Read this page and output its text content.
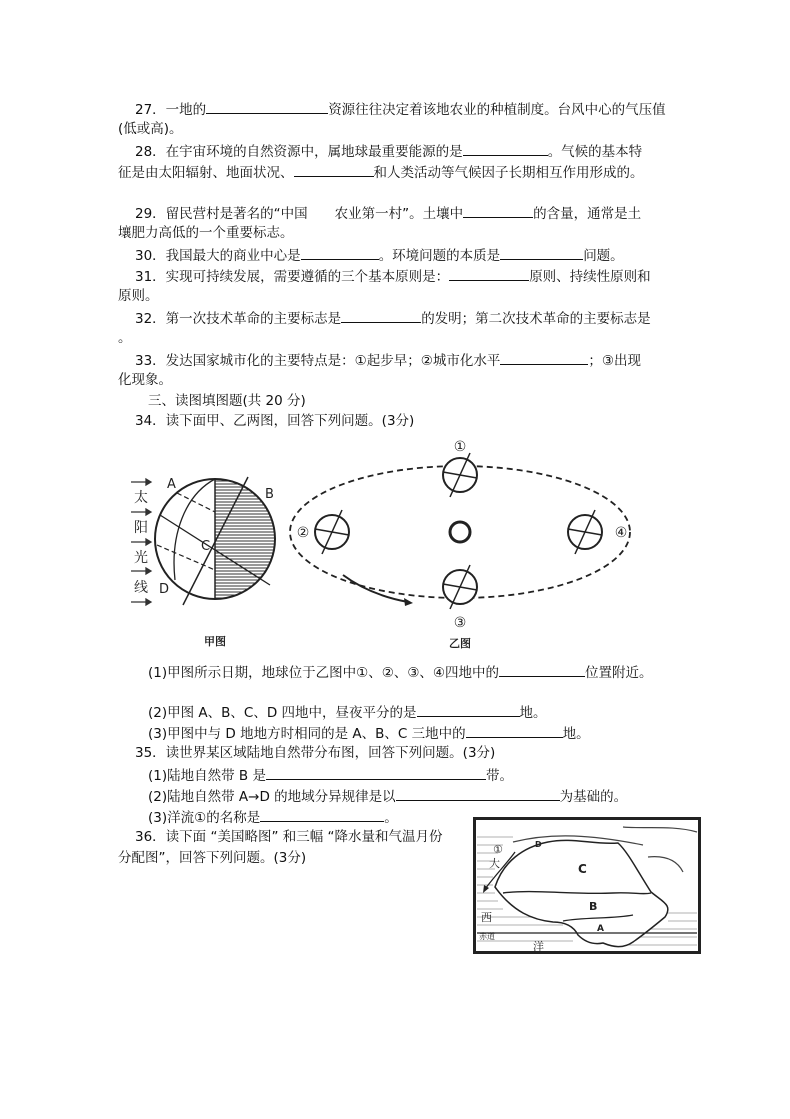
27．一地的	资源往往决定着该地农业的种植制度。台风中心的气压值
(低或高)。
28．在宇宙环境的自然资源中，属地球最重要能源的是	。气候的基本特
征是由太阳辐射、地面状况、	和人类活动等气候因子长期相互作用形成的。
29．留民营村是著名的“中国　　农业第一村”。土壤中	的含量，通常是土
壤肥力高低的一个重要标志。
30．我国最大的商业中心是	。环境问题的本质是	问题。
31．实现可持续发展，需要遵循的三个基本原则是：	原则、持续性原则和
原则。
32．第一次技术革命的主要标志是	的发明；第二次技术革命的主要标志是
。
33．发达国家城市化的主要特点是：①起步早；②城市化水平	；③出现
化现象。
三、读图填图题(共 20 分)
34．读下面甲、乙两图，回答下列问题。(3分)
太
阳
光
线
A
B
C
D
甲图
①
②
③
④
乙图
(1)甲图所示日期，地球位于乙图中①、②、③、④四地中的	位置附近。
(2)甲图 A、B、C、D 四地中，昼夜平分的是	地。
(3)甲图中与 D 地地方时相同的是 A、B、C 三地中的	地。
35．读世界某区域陆地自然带分布图，回答下列问题。(3分)
(1)陆地自然带 B 是	带。
(2)陆地自然带 A→D 的地域分异规律是以	为基础的。
(3)洋流①的名称是	。
36．读下面 “美国略图” 和三幅 “降水量和气温月份
分配图”，回答下列问题。(3分)
①
大
西
赤道
洋
C
B
A
D
